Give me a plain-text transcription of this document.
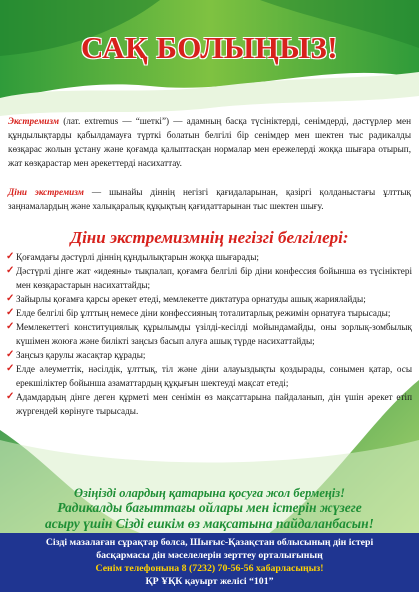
САҚ БОЛЫҢЫЗ!
Экстремизм (лат. extremus — “шеткі”) — адамның басқа түсініктерді, сенімдерді, дәстүрлер мен құндылықтарды қабылдамауға түрткі болатын белгілі бір сенімдер мен шектен тыс радикалды көзқарас жолын ұстану және қоғамда қалыптасқан нормалар мен ережелерді жоққа шығара отырып, жат көзқарастар мен әрекеттерді насихаттау.
Діни экстремизм — шынайы діннің негізгі қағидаларынан, қазіргі қолданыстағы ұлттық заңнамалардың және халықаралық құқықтың қағидаттарынан тыс шектен шығу.
Діни экстремизмнің негізгі белгілері:
✓ Қоғамдағы дәстүрлі діннің құндылықтарын жоққа шығарады;
✓ Дәстүрлі дінге жат «идеяны» тықпалап, қоғамға белгілі бір діни конфессия бойынша өз түсініктері мен көзқарастарын насихаттайды;
✓ Зайырлы қоғамға қарсы әрекет етеді, мемлекетте диктатура орнатуды ашық жариялайды;
✓ Елде белгілі бір ұлттың немесе діни конфессияның тоталитарлық режимін орнатуға тырысады;
✓ Мемлекеттегі конституциялық құрылымды үзілді-кесілді мойындамайды, оны зорлық-зомбылық күшімен жоюға және билікті заңсыз басып алуға ашық түрде насихаттайды;
✓ Заңсыз қарулы жасақтар құрады;
✓ Елде әлеуметтік, нәсілдік, ұлттық, тіл және діни алауыздықты қоздырады, сонымен қатар, осы ерекшіліктер бойынша азаматтардың құқығын шектеуді мақсат етеді;
✓ Адамдардың дінге деген құрметі мен сенімін өз мақсаттарына пайдаланып, дін үшін әрекет етіп жүргендей көрінуге тырысады.
Өзіңізді олардың қатарына қосуға жол бермеңіз!
Радикалды бағыттағы ойлары мен істерін жүзеге
асыру үшін Сізді ешкім өз мақсатына пайдаланбасын!
Сізді мазалаған сұрақтар болса, Шығыс-Қазақстан облысының дін істері
басқармасы дін мәселелерін зерттеу орталығының
Сенім телефонына 8 (7232) 70-56-56 хабарласыңыз!
ҚР ҰҚК қауырт желісі “101”
